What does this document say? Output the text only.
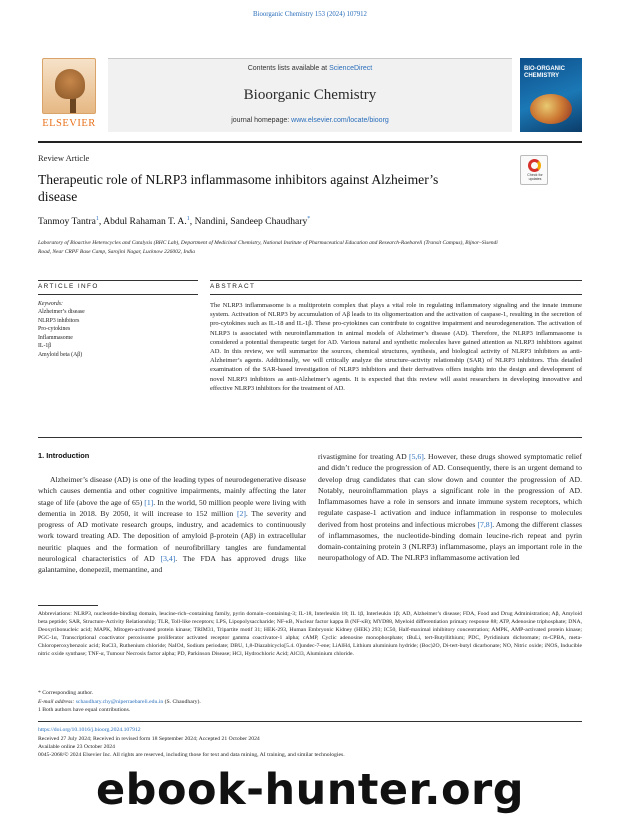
Bioorganic Chemistry 153 (2024) 107912
ELSEVIER
Contents lists available at ScienceDirect
Bioorganic Chemistry
journal homepage: www.elsevier.com/locate/bioorg
BIO-ORGANIC CHEMISTRY
Review Article
Therapeutic role of NLRP3 inflammasome inhibitors against Alzheimer’s disease
Check for updates
Tanmoy Tantra$^1$, Abdul Rahaman T. A.$^1$, Nandini, Sandeep Chaudhary*
Laboratory of Bioactive Heterocycles and Catalysis (BHC Lab), Department of Medicinal Chemistry, National Institute of Pharmaceutical Education and Research-Raebareli (Transit Campus), Bijnor–Sisendi Road, Near CRPF Base Camp, Sarojini Nagar, Lucknow 226002, India
ARTICLE INFO	ABSTRACT
Keywords:
Alzheimer’s disease
NLRP3 inhibitors
Pro-cytokines
Inflammasome
IL-1β
Amyloid beta (Aβ)
The NLRP3 inflammasome is a multiprotein complex that plays a vital role in regulating inflammatory signaling and the innate immune system. Activation of NLRP3 by accumulation of Aβ leads to its oligomerization and the activation of caspase-1, resulting in the secretion of pro-cytokines such as IL-18 and IL-1β. These pro-cytokines can contribute to cognitive impairment and neurodegeneration. The activation of NLRP3 is associated with neuroinflammation in animal models of Alzheimer’s disease (AD). Therefore, the NLRP3 inflammasome is considered a potential therapeutic target for AD. Various natural and synthetic molecules have gained attention as NLRP3 inhibitors against AD. In this review, we will summarize the sources, chemical structures, synthesis, and biological activity of NLRP3 inhibitors as anti-Alzheimer’s agents. Additionally, we will critically analyze the structure–activity relationship (SAR) of NLRP3 inhibitors. This detailed examination of the SAR-based investigation of NLRP3 inhibitors and their derivatives offers insights into the design and development of novel NLRP3 inhibitors as anti-Alzheimer’s agents. It is expected that this review will assist researchers in developing innovative and effective NLRP3 inhibitors for the treatment of AD.
1. Introduction
Alzheimer’s disease (AD) is one of the leading types of neurodegenerative disease which causes dementia and other cognitive impairments, mainly affecting the later stage of life (above the age of 65) [1]. In the world, 50 million people were living with dementia in 2018. By 2050, it will increase to 152 million [2]. The severity and progress of AD motivate research groups, industry, and academics to continuously work toward treating AD. The deposition of amyloid β-protein (Aβ) in extracellular neuritic plaques and the formation of neurofibrillary tangles are fundamental neurological characteristics of AD [3,4]. The FDA has approved drugs like galantamine, donepezil, memantine, and
rivastigmine for treating AD [5,6]. However, these drugs showed symptomatic relief and didn’t reduce the progression of AD. Consequently, there is an urgent demand to develop drug candidates that can slow down and counter the progression of AD. Notably, neuroinflammation plays a significant role in the progression of AD. Inflammasomes have a role in sensors and innate immune system receptors, which regulate caspase-1 activation and induce inflammation in response to molecules derived from host proteins and infectious microbes [7,8]. Among the different classes of inflammasomes, the nucleotide-binding domain leucine-rich repeat and pyrin domain-containing protein 3 (NLRP3) inflammasome, plays an important role in the neuropathology of AD. The NLRP3 inflammasome activation led
Abbreviations: NLRP3, nucleotide-binding domain, leucine-rich–containing family, pyrin domain–containing-3; IL-18, Interleukin 18; IL 1β, Interleukin 1β; AD, Alzheimer’s disease; FDA, Food and Drug Administration; Aβ, Amyloid beta peptide; SAR, Structure-Activity Relationship; TLR, Toll-like receptors; LPS, Lipopolysaccharide; NF-κB, Nuclear factor kappa B (NF-κB); MYD88, Myeloid differentiation primary response 88; ATP, Adenosine triphosphate; DNA, Deoxyribonucleic acid; MAPK, Mitogen-activated protein kinase; TRIM31, Tripartite motif 31; HEK-293, Human Embryonic Kidney (HEK) 293; IC50, Half-maximal inhibitory concentration; AMPK, AMP-activated protein kinase; PGC-1α, Transcriptional coactivator peroxisome proliferator activated receptor gamma coactivator-1 alpha; cAMP, Cyclic adenosine monophosphate; tBuLi, tert-Butyllithium; PDC, Pyridinium dichromate; m-CPBA, meta-Chloroperoxybenzoic acid; RuCl3, Ruthenium chloride; NaIO4, Sodium periodate; DBU, 1,8-Diazabicyclo[5.4. 0]undec-7-ene; LiAlH4, Lithium aluminium hydride; (Boc)2O, Di-tert-butyl dicarbonate; NO, Nitric oxide; iNOS, Inducible nitric oxide synthase; TNF-α, Tumour Necrosis factor alpha; PD, Parkinson Disease; HCl, Hydrochloric Acid; AlCl3, Aluminium chloride.
* Corresponding author.
E-mail address: schaudhary.chy@niperraebareli.edu.in (S. Chaudhary).
1 Both authors have equal contributions.
https://doi.org/10.1016/j.bioorg.2024.107912
Received 27 July 2024; Received in revised form 18 September 2024; Accepted 21 October 2024
Available online 23 October 2024
0045-2068/© 2024 Elsevier Inc. All rights are reserved, including those for text and data mining, AI training, and similar technologies.
ebook-hunter.org
